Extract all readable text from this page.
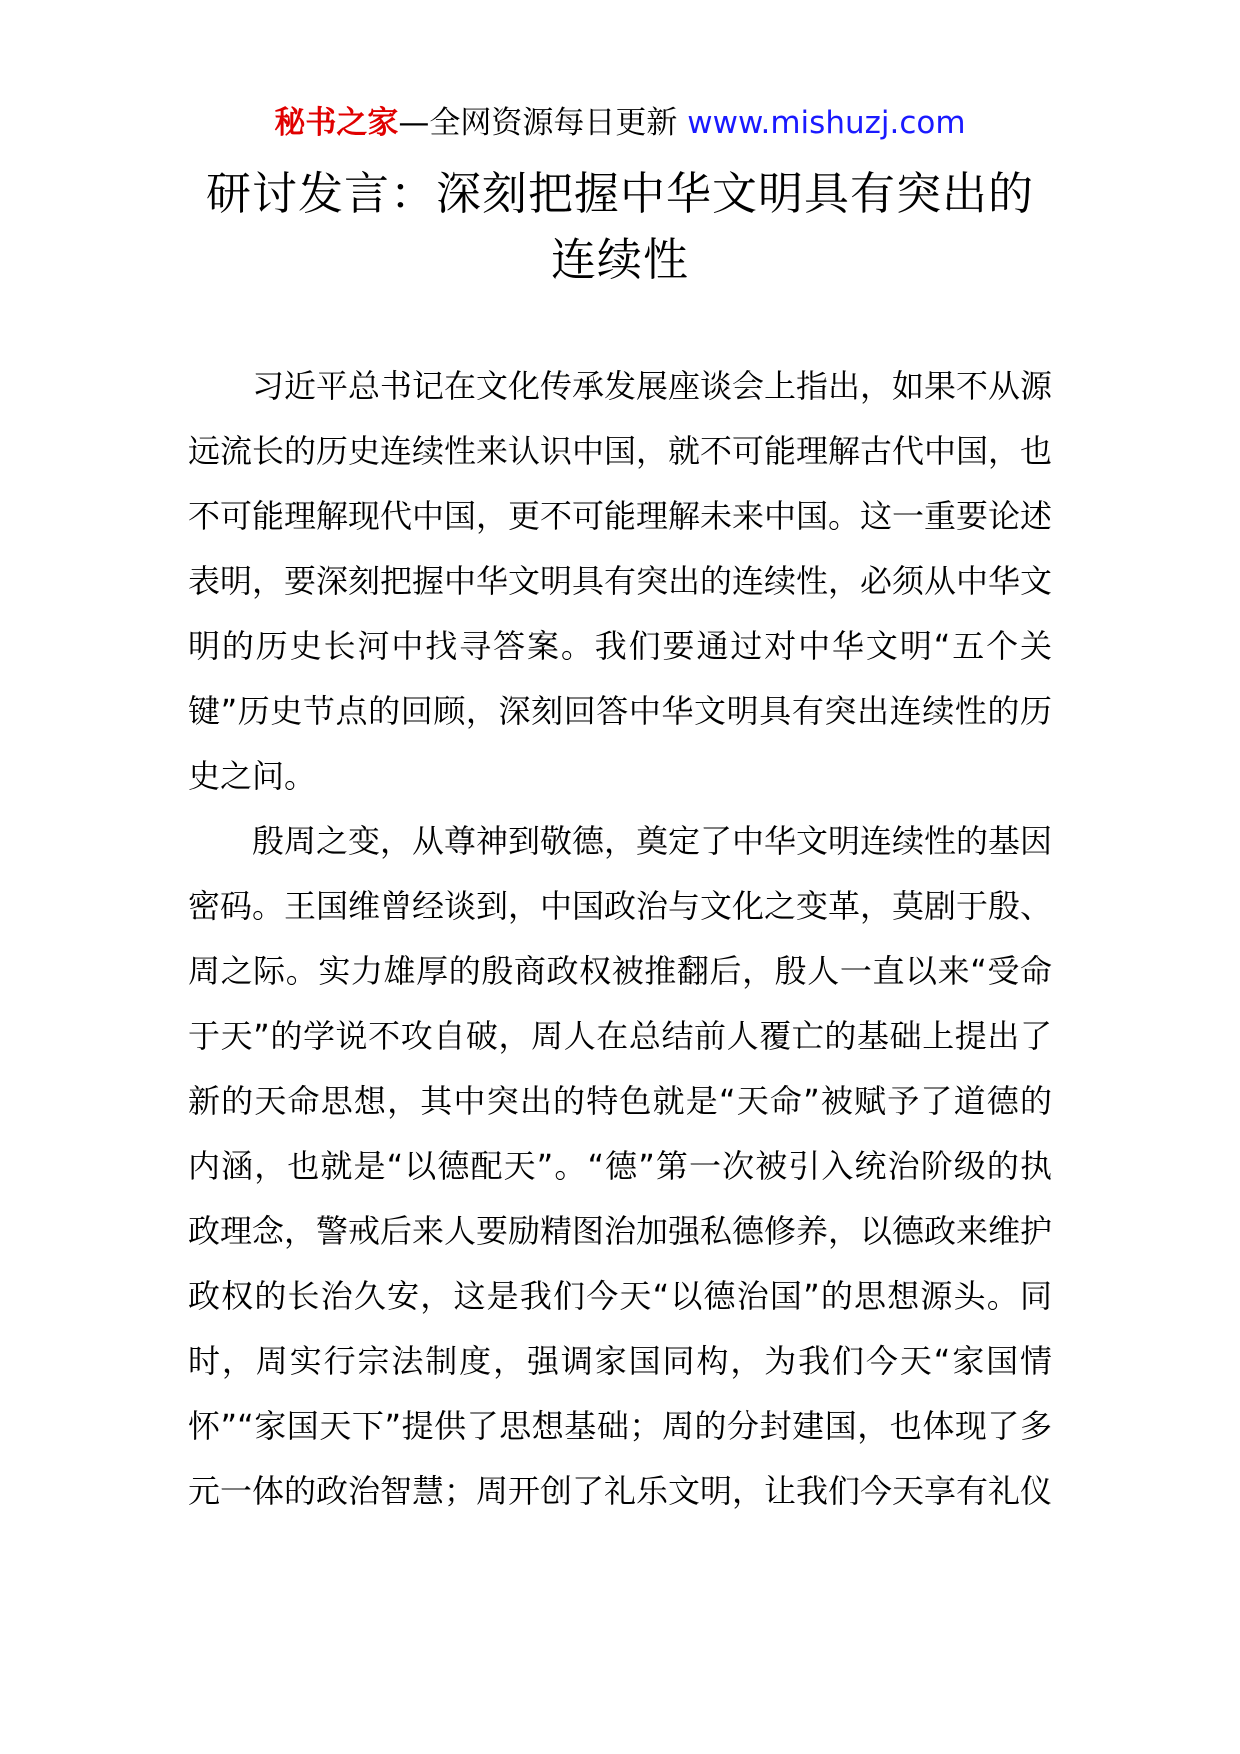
秘书之家—全网资源每日更新 www.mishuzj.com
研讨发言：深刻把握中华文明具有突出的
连续性

习近平总书记在文化传承发展座谈会上指出，如果不从源远流长的历史连续性来认识中国，就不可能理解古代中国，也不可能理解现代中国，更不可能理解未来中国。这一重要论述表明，要深刻把握中华文明具有突出的连续性，必须从中华文明的历史长河中找寻答案。我们要通过对中华文明“五个关键”历史节点的回顾，深刻回答中华文明具有突出连续性的历史之问。

殷周之变，从尊神到敬德，奠定了中华文明连续性的基因密码。王国维曾经谈到，中国政治与文化之变革，莫剧于殷、周之际。实力雄厚的殷商政权被推翻后，殷人一直以来“受命于天”的学说不攻自破，周人在总结前人覆亡的基础上提出了新的天命思想，其中突出的特色就是“天命”被赋予了道德的内涵，也就是“以德配天”。“德”第一次被引入统治阶级的执政理念，警戒后来人要励精图治加强私德修养，以德政来维护政权的长治久安，这是我们今天“以德治国”的思想源头。同时，周实行宗法制度，强调家国同构，为我们今天“家国情怀”“家国天下”提供了思想基础；周的分封建国，也体现了多元一体的政治智慧；周开创了礼乐文明，让我们今天享有礼仪
